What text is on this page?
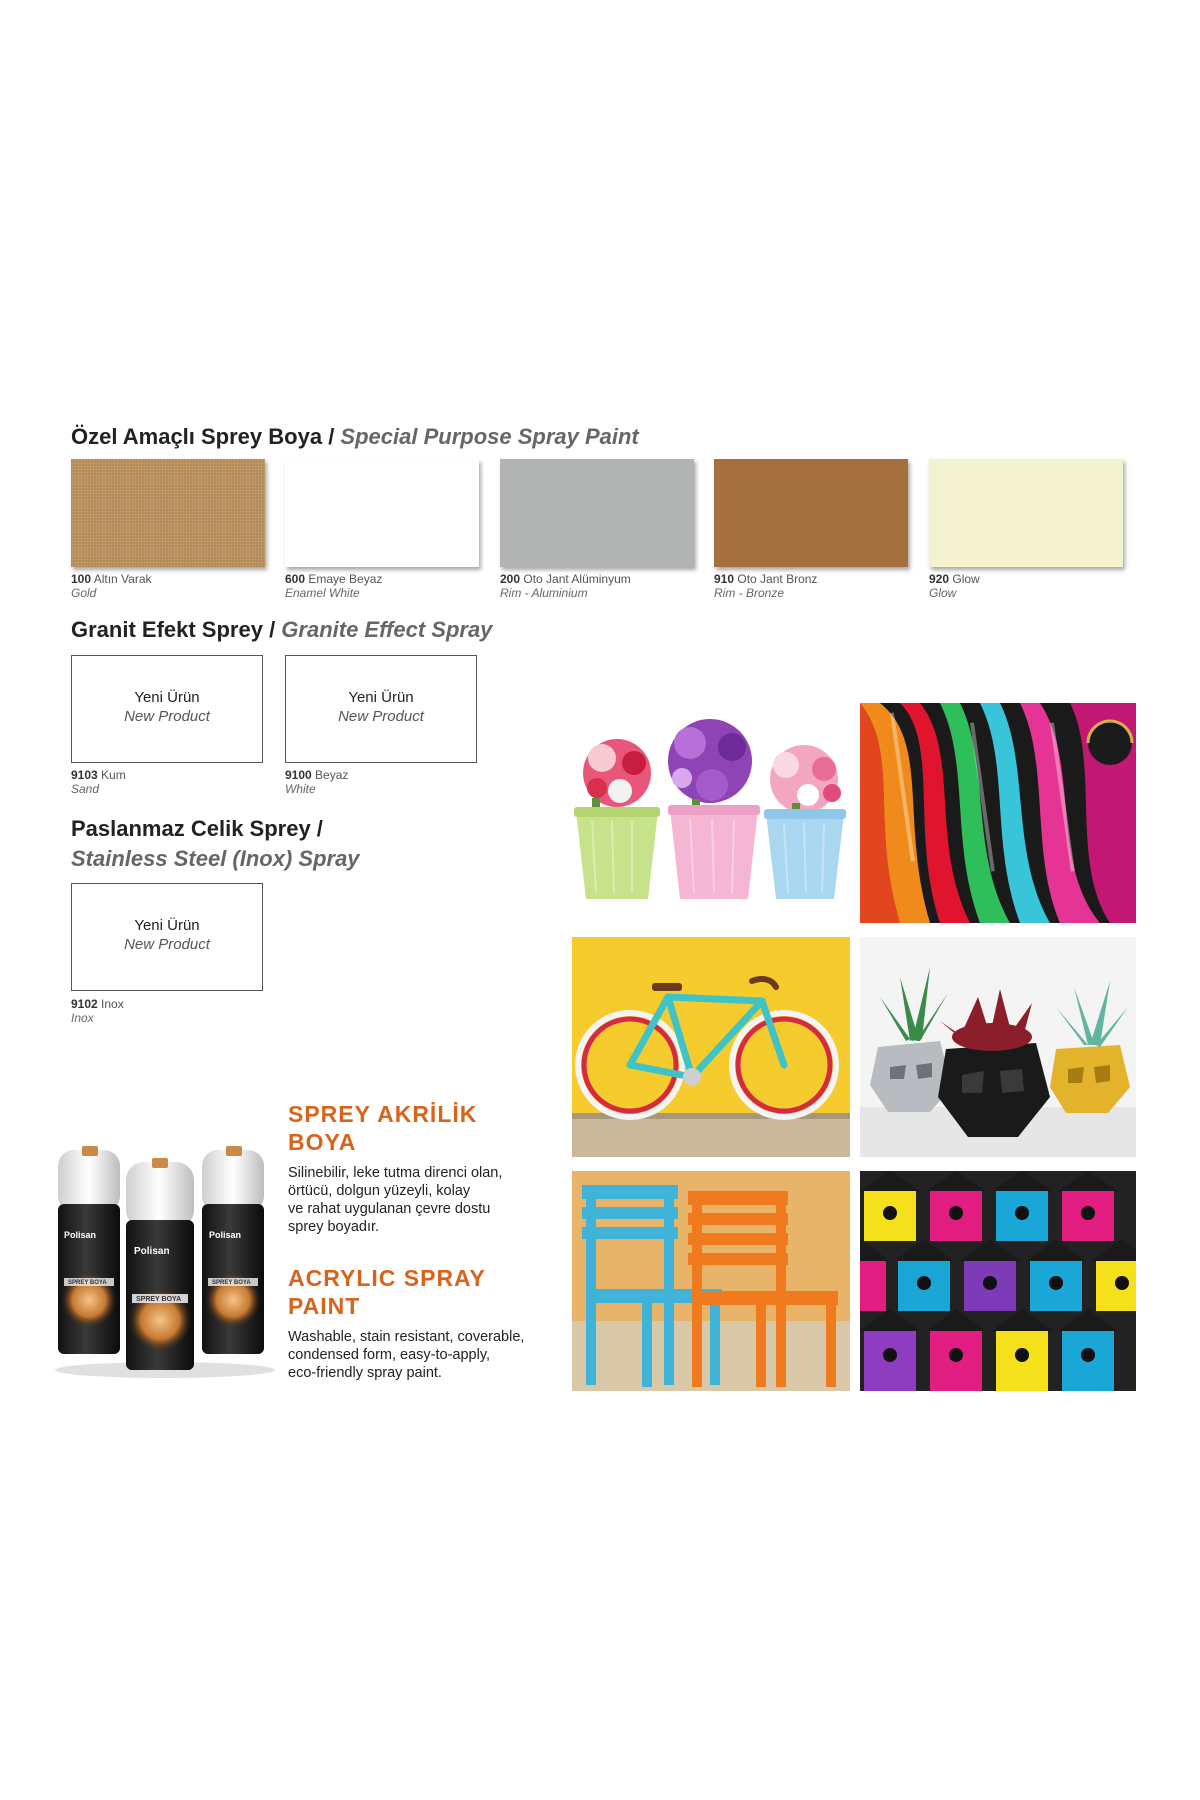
Özel Amaçlı Sprey Boya / Special Purpose Spray Paint
100 Altın Varak
Gold
600 Emaye Beyaz
Enamel White
200 Oto Jant Alüminyum
Rim - Aluminium
910 Oto Jant Bronz
Rim - Bronze
920 Glow
Glow
Granit Efekt Sprey / Granite Effect Spray
Yeni Ürün
New Product
Yeni Ürün
New Product
9103 Kum
Sand
9100 Beyaz
White
Paslanmaz Celik Sprey /
Stainless Steel (Inox) Spray
Yeni Ürün
New Product
9102 Inox
Inox
Polisan	Polisan
Polisan
SPREY BOYA	SPREY BOYA
SPREY BOYA
SPREY AKRİLİK
BOYA
Silinebilir, leke tutma direnci olan,
örtücü, dolgun yüzeyli, kolay
ve rahat uygulanan çevre dostu
sprey boyadır.
ACRYLIC SPRAY
PAINT
Washable, stain resistant, coverable,
condensed form, easy-to-apply,
eco-friendly spray paint.
